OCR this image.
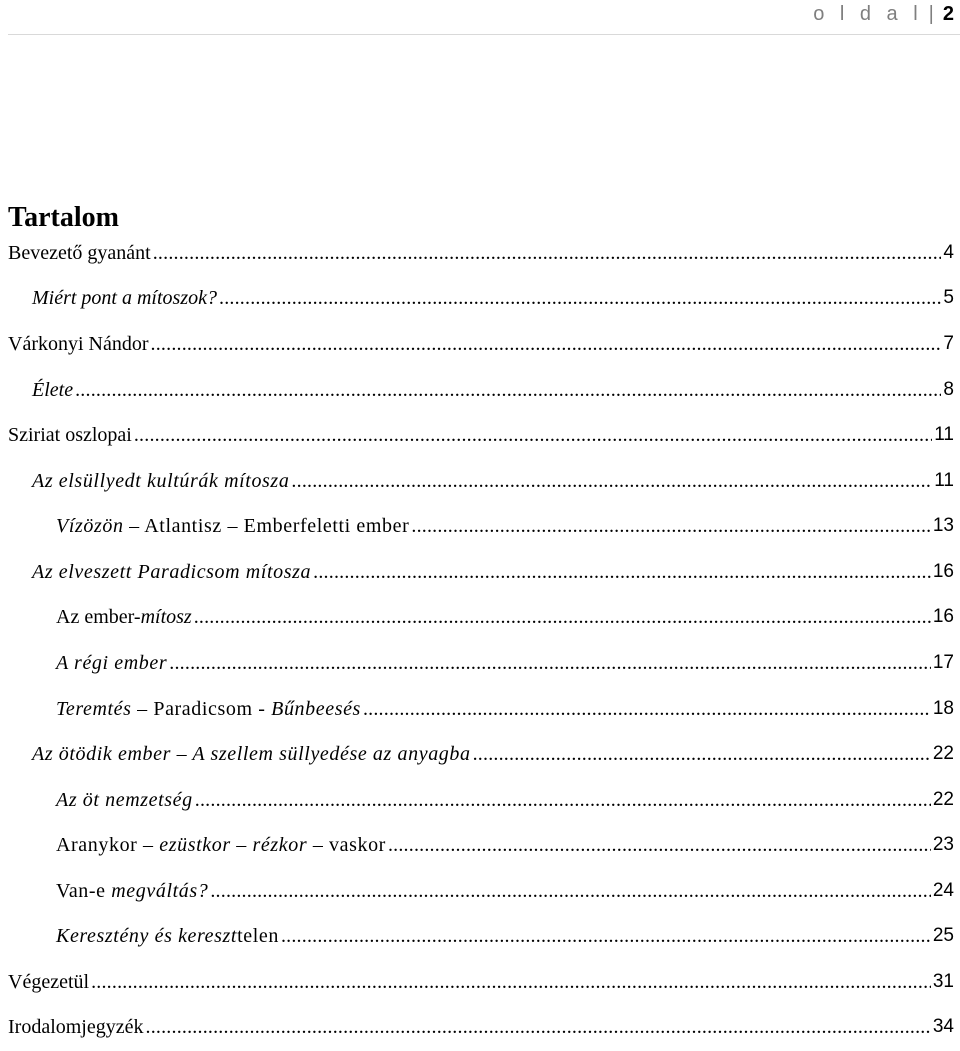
o l d a l | 2
Tartalom
Bevezető gyanánt .....	4
Miért pont a mítoszok? .....	5
Várkonyi Nándor .....	7
Élete .....	8
Sziriat oszlopai .....	11
Az elsüllyedt kultúrák mítosza .....	11
Vízözön – Atlantisz – Emberfeletti ember .....	13
Az elveszett Paradicsom mítosza .....	16
Az ember-mítosz .....	16
A régi ember .....	17
Teremtés – Paradicsom - Bűnbeesés .....	18
Az ötödik ember – A szellem süllyedése az anyagba .....	22
Az öt nemzetség .....	22
Aranykor – ezüstkor – rézkor – vaskor .....	23
Van-e megváltás? .....	24
Keresztény és kereszttelen .....	25
Végezetül .....	31
Irodalomjegyzék .....	34
